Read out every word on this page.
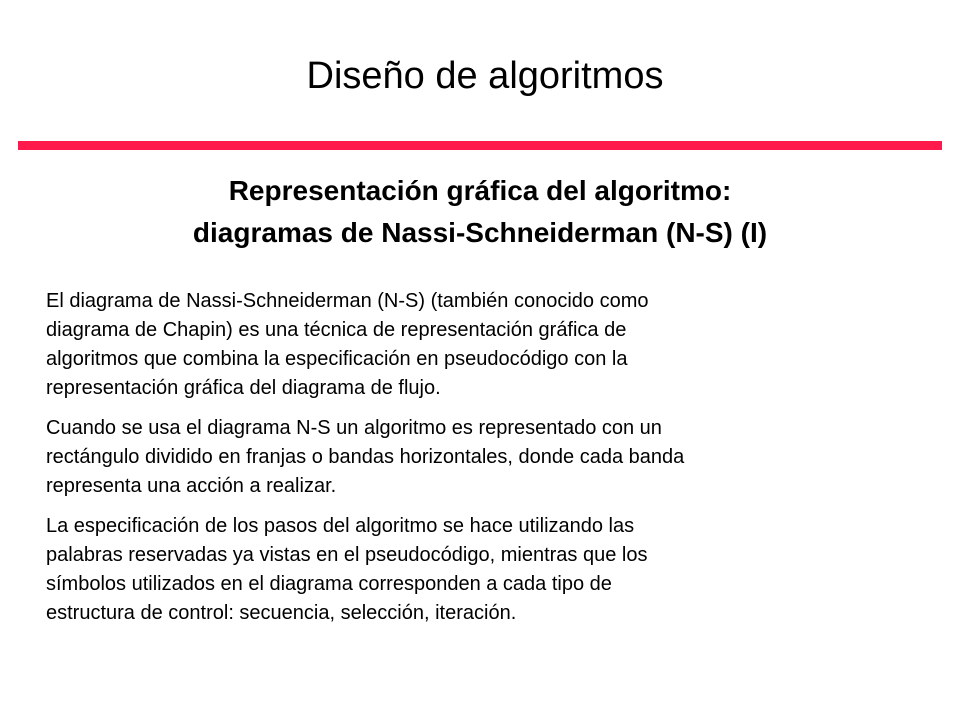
Diseño de algoritmos
Representación gráfica del algoritmo:
diagramas de Nassi-Schneiderman (N-S) (I)

El diagrama de Nassi-Schneiderman (N-S) (también conocido como
diagrama de Chapin) es una técnica de representación gráfica de
algoritmos que combina la especificación en pseudocódigo con la
representación gráfica del diagrama de flujo.

Cuando se usa el diagrama N-S un algoritmo es representado con un
rectángulo dividido en franjas o bandas horizontales, donde cada banda
representa una acción a realizar.

La especificación de los pasos del algoritmo se hace utilizando las
palabras reservadas ya vistas en el pseudocódigo, mientras que los
símbolos utilizados en el diagrama corresponden a cada tipo de
estructura de control: secuencia, selección, iteración.
